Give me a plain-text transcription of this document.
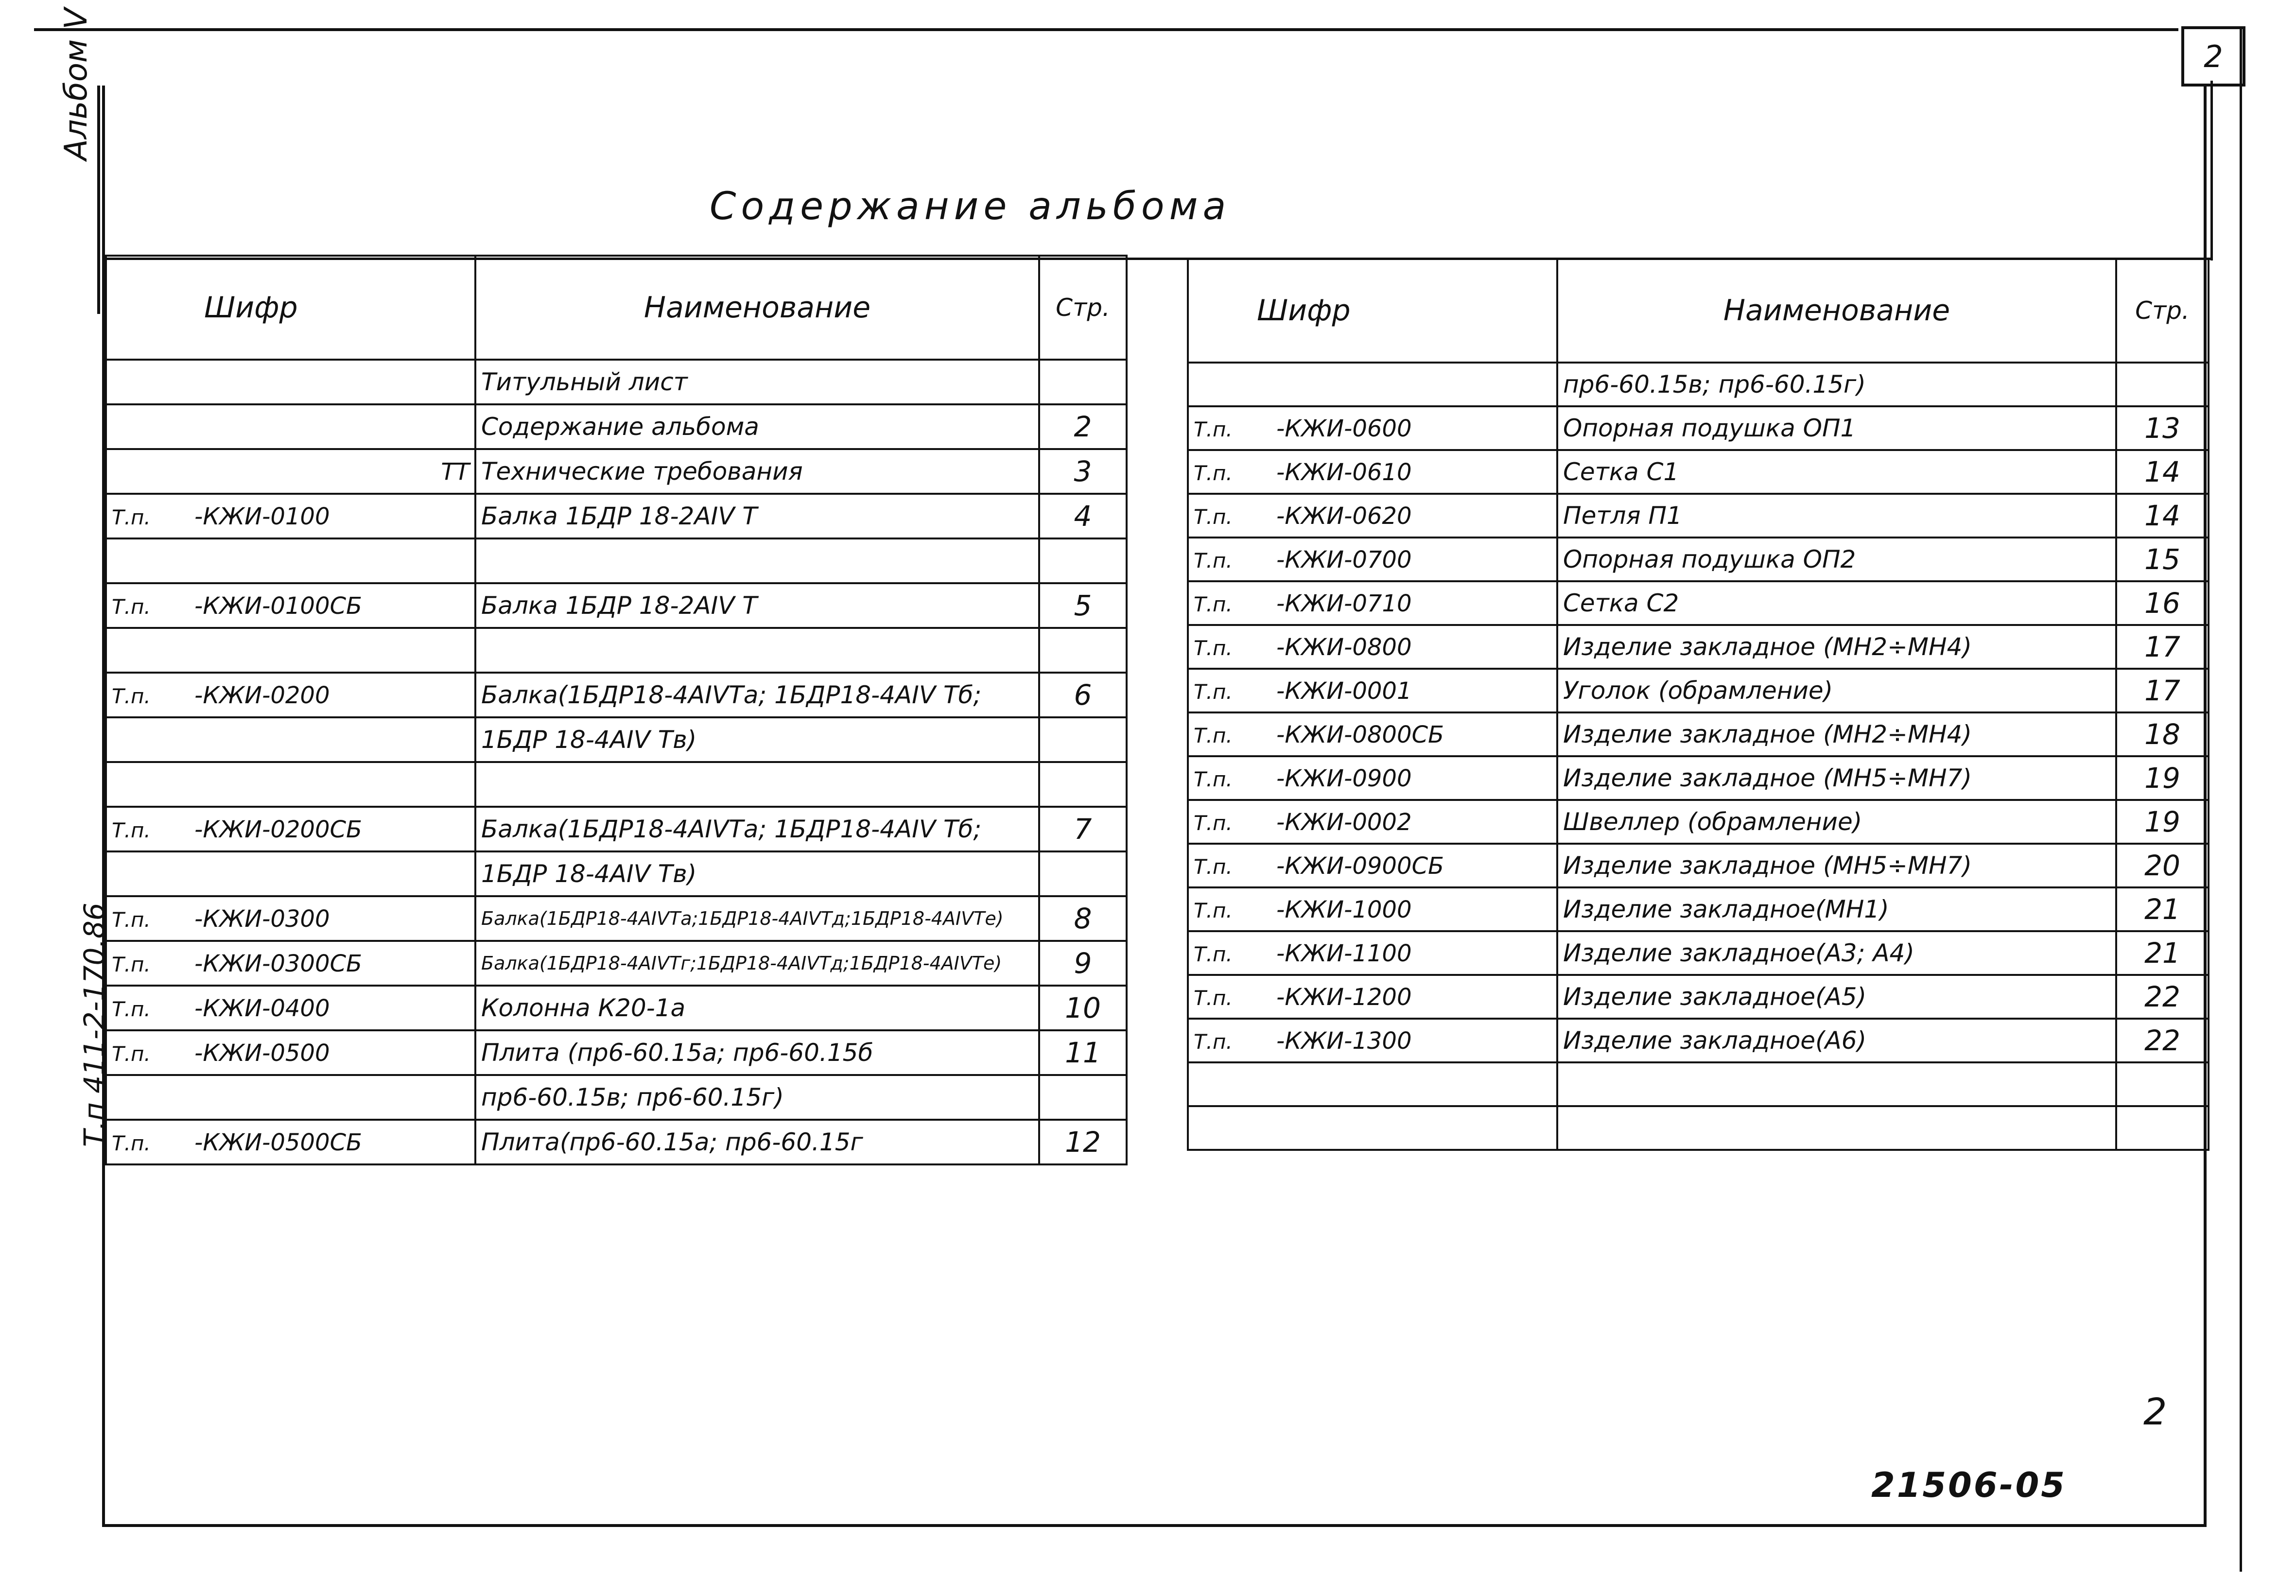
2
Альбом V
Т.п 411-2-170.86
Содержание альбома
Шифр	Наименование	Стр.
	Титульный лист	
	Содержание альбома	2
ТТ	Технические требования	3
Т.п. -КЖИ-0100	Балка 1БДР 18-2АIV Т	4

Т.п. -КЖИ-0100СБ	Балка 1БДР 18-2АIV Т	5

Т.п. -КЖИ-0200	Балка(1БДР18-4АIVТа; 1БДР18-4АIV Тб;	6
	1БДР 18-4АIV Тв)	

Т.п. -КЖИ-0200СБ	Балка(1БДР18-4АIVТа; 1БДР18-4АIV Тб;	7
	1БДР 18-4АIV Тв)	
Т.п. -КЖИ-0300	Балка(1БДР18-4АIVТа;1БДР18-4АIVТд;1БДР18-4АIVТе)	8
Т.п. -КЖИ-0300СБ	Балка(1БДР18-4АIVТг;1БДР18-4АIVТд;1БДР18-4АIVТе)	9
Т.п. -КЖИ-0400	Колонна К20-1а	10
Т.п. -КЖИ-0500	Плита (пр6-60.15а; пр6-60.15б	11
	пр6-60.15в; пр6-60.15г)	
Т.п. -КЖИ-0500СБ	Плита(пр6-60.15а; пр6-60.15г	12
Шифр	Наименование	Стр.
	пр6-60.15в; пр6-60.15г)	
Т.п. -КЖИ-0600	Опорная подушка ОП1	13
Т.п. -КЖИ-0610	Сетка С1	14
Т.п. -КЖИ-0620	Петля П1	14
Т.п. -КЖИ-0700	Опорная подушка ОП2	15
Т.п. -КЖИ-0710	Сетка С2	16
Т.п. -КЖИ-0800	Изделие закладное (МН2÷МН4)	17
Т.п. -КЖИ-0001	Уголок (обрамление)	17
Т.п. -КЖИ-0800СБ	Изделие закладное (МН2÷МН4)	18
Т.п. -КЖИ-0900	Изделие закладное (МН5÷МН7)	19
Т.п. -КЖИ-0002	Швеллер (обрамление)	19
Т.п. -КЖИ-0900СБ	Изделие закладное (МН5÷МН7)	20
Т.п. -КЖИ-1000	Изделие закладное(МН1)	21
Т.п. -КЖИ-1100	Изделие закладное(А3; А4)	21
Т.п. -КЖИ-1200	Изделие закладное(А5)	22
Т.п. -КЖИ-1300	Изделие закладное(А6)	22

2
21506-05
